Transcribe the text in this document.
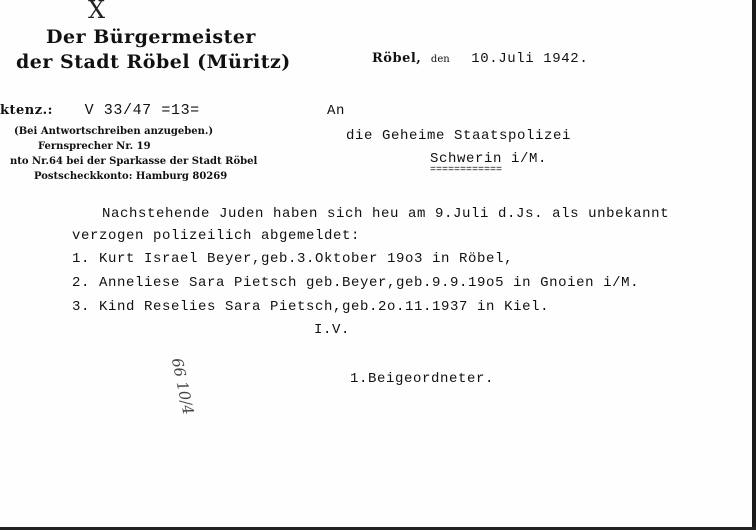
X
Der Bürgermeister
der Stadt Röbel (Müritz)	Röbel, den 10.Juli 1942.
ktenz.: V 33/47 =13=	An
(Bei Antwortschreiben anzugeben.)
Fernsprecher Nr. 19
nto Nr.64 bei der Sparkasse der Stadt Röbel
Postscheckkonto: Hamburg 80269
die Geheime Staatspolizei
Schwerin i/M.
============
Nachstehende Juden haben sich heu am 9.Juli d.Js. als unbekannt
verzogen polizeilich abgemeldet:
1. Kurt Israel Beyer,geb.3.Oktober 19o3 in Röbel,
2. Anneliese Sara Pietsch geb.Beyer,geb.9.9.19o5 in Gnoien i/M.
3. Kind Reselies Sara Pietsch,geb.2o.11.1937 in Kiel.
I.V.
66 10/4	1.Beigeordneter.
